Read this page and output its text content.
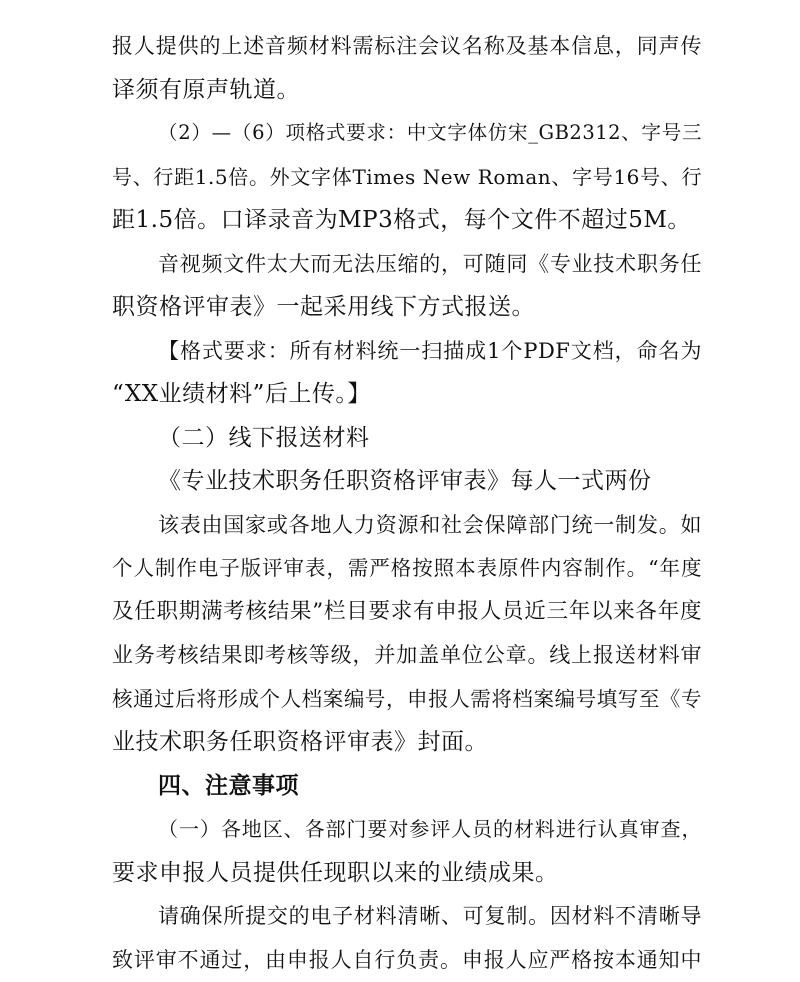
报人提供的上述音频材料需标注会议名称及基本信息，同声传
译须有原声轨道。
（2）—（6）项格式要求：中文字体仿宋_GB2312、字号三
号、行距1.5倍。外文字体Times New Roman、字号16号、行
距1.5倍。口译录音为MP3格式，每个文件不超过5M。
音视频文件太大而无法压缩的，可随同《专业技术职务任
职资格评审表》一起采用线下方式报送。
【格式要求：所有材料统一扫描成1个PDF文档，命名为
“XX业绩材料”后上传。】
（二）线下报送材料
《专业技术职务任职资格评审表》每人一式两份
该表由国家或各地人力资源和社会保障部门统一制发。如
个人制作电子版评审表，需严格按照本表原件内容制作。“年度
及任职期满考核结果”栏目要求有申报人员近三年以来各年度
业务考核结果即考核等级，并加盖单位公章。线上报送材料审
核通过后将形成个人档案编号，申报人需将档案编号填写至《专
业技术职务任职资格评审表》封面。
四、注意事项
（一）各地区、各部门要对参评人员的材料进行认真审查，
要求申报人员提供任现职以来的业绩成果。
请确保所提交的电子材料清晰、可复制。因材料不清晰导
致评审不通过，由申报人自行负责。申报人应严格按本通知中
